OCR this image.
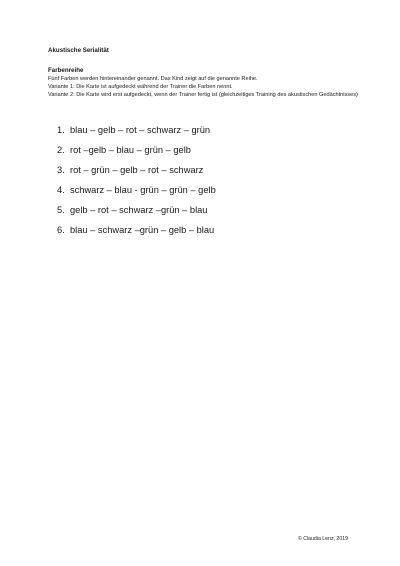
Akustische Serialität

Farbenreihe

Fünf Farben werden hintereinander genannt. Das Kind zeigt auf die genannte Reihe.

Variante 1: Die Karte ist aufgedeckt während der Trainer die Farben nennt.

Variante 2: Die Karte wird erst aufgedeckt, wenn der Trainer fertig ist (gleichzeitiges Training des akustischen Gedächtnisses)

1. blau – gelb – rot – schwarz – grün
2. rot –gelb – blau – grün – gelb
3. rot – grün – gelb – rot – schwarz
4. schwarz – blau - grün – grün – gelb
5. gelb – rot – schwarz –grün – blau
6. blau – schwarz –grün – gelb – blau
© Claudia Lenz, 2019
